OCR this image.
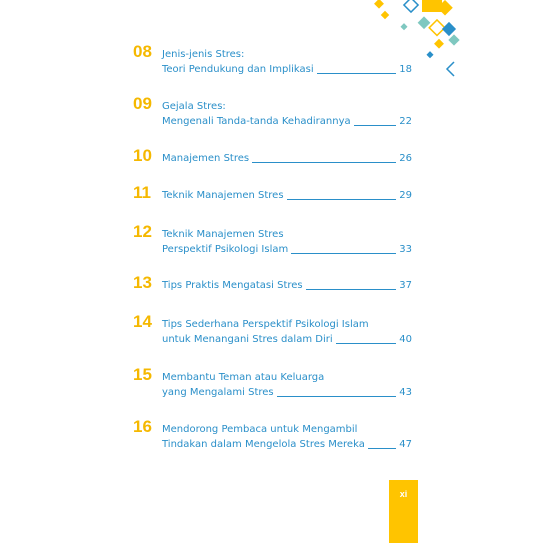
08 Jenis-jenis Stres:
Teori Pendukung dan Implikasi	18
09 Gejala Stres:
Mengenali Tanda-tanda Kehadirannya	22
10 Manajemen Stres	26
11 Teknik Manajemen Stres	29
12 Teknik Manajemen Stres
Perspektif Psikologi Islam	33
13 Tips Praktis Mengatasi Stres	37
14 Tips Sederhana Perspektif Psikologi Islam
untuk Menangani Stres dalam Diri	40
15 Membantu Teman atau Keluarga
yang Mengalami Stres	43
16 Mendorong Pembaca untuk Mengambil
Tindakan dalam Mengelola Stres Mereka	47
xi
